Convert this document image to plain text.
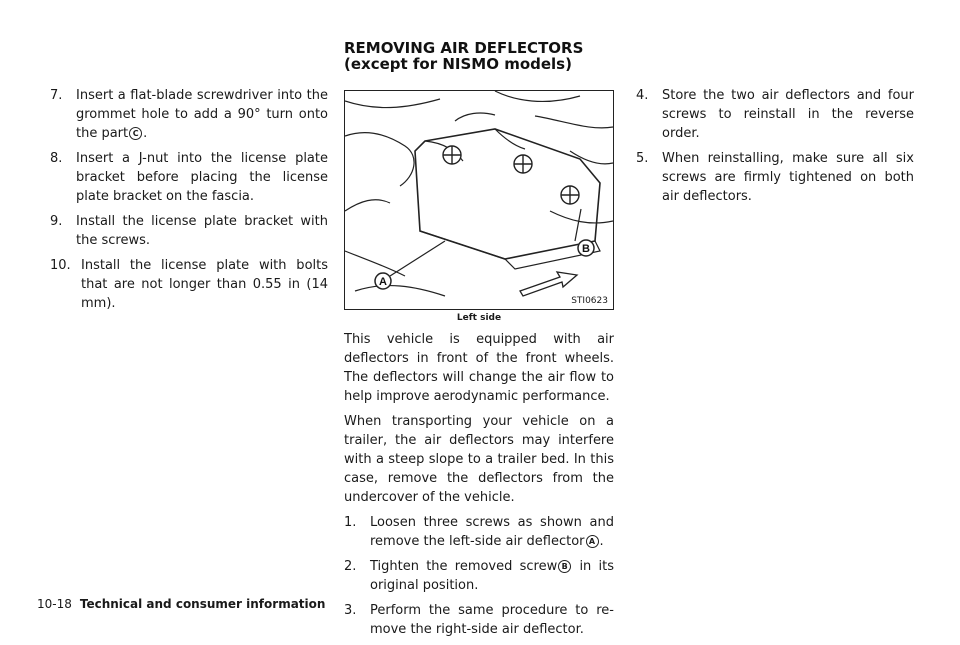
REMOVING AIR DEFLECTORS
(except for NISMO models)
7.	Insert a flat-blade screwdriver into the grommet hole to add a 90° turn onto the part C .
8.	Insert a J-nut into the license plate bracket before placing the license plate bracket on the fascia.
9.	Install the license plate bracket with the screws.
10. Install the license plate with bolts that are not longer than 0.55 in (14 mm).
A
B
STI0623
Left side

This vehicle is equipped with air deflectors in front of the front wheels. The deflectors will change the air flow to help improve aerodynamic performance.

When transporting your vehicle on a trailer, the air deflectors may interfere with a steep slope to a trailer bed. In this case, remove the deflectors from the undercover of the vehicle.

1.	Loosen three screws as shown and remove the left-side air deflector A .
2.	Tighten the removed screw B in its original position.
3.	Perform the same procedure to re-move the right-side air deflector.
4.	Store the two air deflectors and four screws to reinstall in the reverse order.
5.	When reinstalling, make sure all six screws are firmly tightened on both air deflectors.
10-18 Technical and consumer information
